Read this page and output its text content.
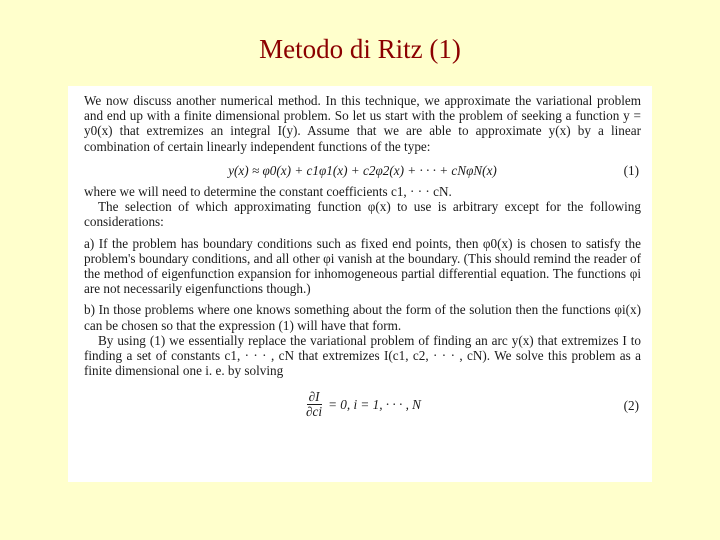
Metodo di Ritz (1)

We now discuss another numerical method. In this technique, we approximate the variational problem and end up with a finite dimensional problem. So let us start with the problem of seeking a function y = y0(x) that extremizes an integral I(y). Assume that we are able to approximate y(x) by a linear combination of certain linearly independent functions of the type:

y(x) ≈ φ0(x) + c1φ1(x) + c2φ2(x) + · · · + cNφN(x)	(1)

where we will need to determine the constant coefficients c1, · · · cN.

The selection of which approximating function φ(x) to use is arbitrary except for the following considerations:

a) If the problem has boundary conditions such as fixed end points, then φ0(x) is chosen to satisfy the problem's boundary conditions, and all other φi vanish at the boundary. (This should remind the reader of the method of eigenfunction expansion for inhomogeneous partial differential equation. The functions φi are not necessarily eigenfunctions though.)

b) In those problems where one knows something about the form of the solution then the functions φi(x) can be chosen so that the expression (1) will have that form.

By using (1) we essentially replace the variational problem of finding an arc y(x) that extremizes I to finding a set of constants c1, · · · , cN that extremizes I(c1, c2, · · · , cN). We solve this problem as a finite dimensional one i. e. by solving

$\frac{\partial I}{\partial ci} = 0$, i = 1, · · · , N	(2)
